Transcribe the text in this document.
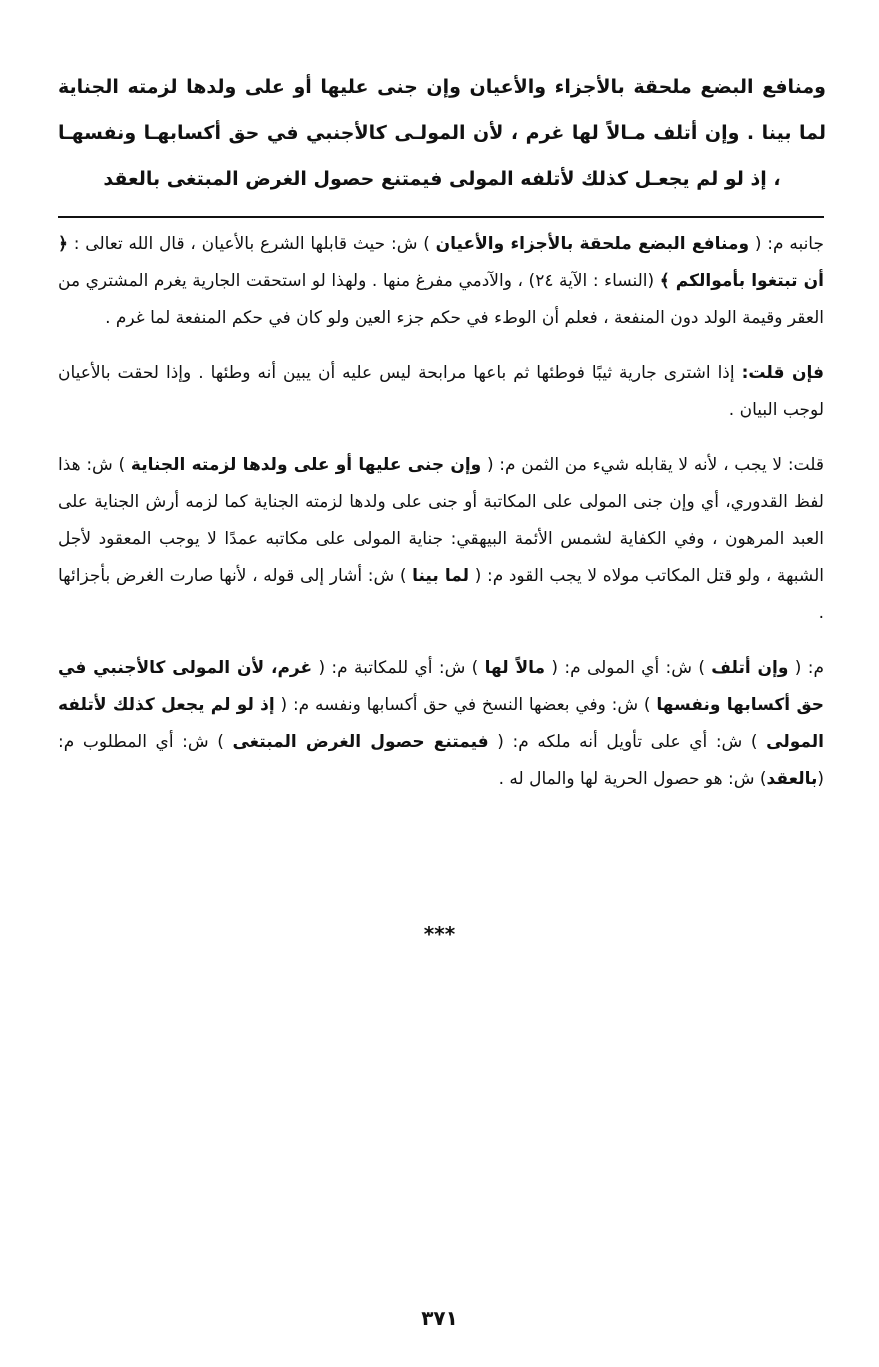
ومنافع البضع ملحقة بالأجزاء والأعيان وإن جنى عليها أو على ولدها لزمته الجناية لما بينا . وإن أتلف مـالاً لها غرم ، لأن المولـى كالأجنبي في حق أكسابهـا ونفسهـا ، إذ لو لم يجعـل كذلك لأتلفه المولى فيمتنع حصول الغرض المبتغى بالعقد

جانبه م: ( ومنافع البضع ملحقة بالأجزاء والأعيان ) ش: حيث قابلها الشرع بالأعيان ، قال الله تعالى : ﴿ أن تبتغوا بأموالكم ﴾ (النساء : الآية ٢٤) ، والآدمي مفرغ منها . ولهذا لو استحقت الجارية يغرم المشتري من العقر وقيمة الولد دون المنفعة ، فعلم أن الوطء في حكم جزء العين ولو كان في حكم المنفعة لما غرم .

فإن قلت: إذا اشترى جارية ثيبًا فوطئها ثم باعها مرابحة ليس عليه أن يبين أنه وطئها . وإذا لحقت بالأعيان لوجب البيان .

قلت: لا يجب ، لأنه لا يقابله شيء من الثمن م: ( وإن جنى عليها أو على ولدها لزمته الجناية ) ش: هذا لفظ القدوري، أي وإن جنى المولى على المكاتبة أو جنى على ولدها لزمته الجناية كما لزمه أرش الجناية على العبد المرهون ، وفي الكفاية لشمس الأئمة البيهقي: جناية المولى على مكاتبه عمدًا لا يوجب المعقود لأجل الشبهة ، ولو قتل المكاتب مولاه لا يجب القود م: ( لما بينا ) ش: أشار إلى قوله ، لأنها صارت الغرض بأجزائها .

م: ( وإن أتلف ) ش: أي المولى م: ( مالاً لها ) ش: أي للمكاتبة م: ( غرم، لأن المولى كالأجنبي في حق أكسابها ونفسها ) ش: وفي بعضها النسخ في حق أكسابها ونفسه م: ( إذ لو لم يجعل كذلك لأتلفه المولى ) ش: أي على تأويل أنه ملكه م: ( فيمتنع حصول الغرض المبتغى ) ش: أي المطلوب م: (بالعقد) ش: هو حصول الحرية لها والمال له .

***
٣٧١
